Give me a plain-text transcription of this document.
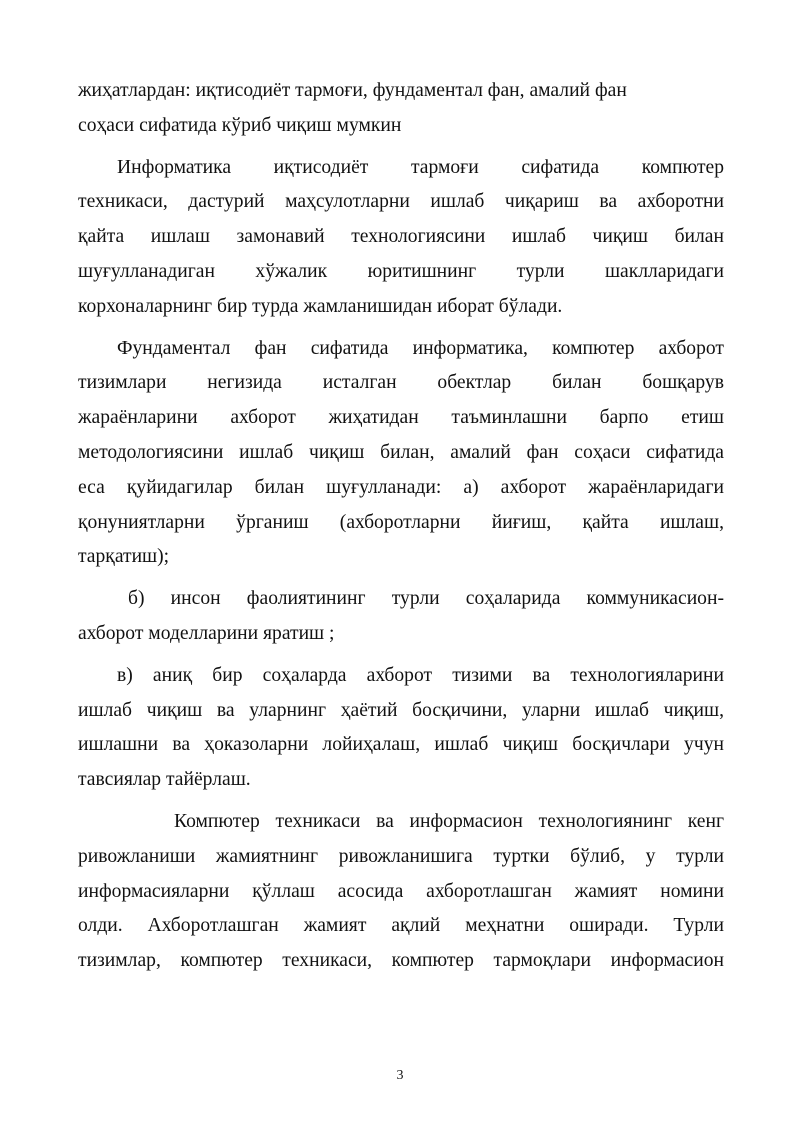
жиҳатлардан: иқтисодиёт тармоғи, фундаментал фан, амалий фан
соҳаси сифатида кўриб чиқиш мумкин
Информатика иқтисодиёт тармоғи сифатида компютер
техникаси, дастурий маҳсулотларни ишлаб чиқариш ва ахборотни
қайта ишлаш замонавий технологиясини ишлаб чиқиш билан
шуғулланадиган хўжалик юритишнинг турли шаклларидаги
корхоналарнинг бир турда жамланишидан иборат бўлади.
Фундаментал фан сифатида информатика, компютер ахборот
тизимлари негизида исталган обектлар билан бошқарув
жараёнларини ахборот жиҳатидан таъминлашни барпо етиш
методологиясини ишлаб чиқиш билан, амалий фан соҳаси сифатида
еса қуйидагилар билан шуғулланади: а) ахборот жараёнларидаги
қонуниятларни ўрганиш (ахборотларни йиғиш, қайта ишлаш,
тарқатиш);
б) инсон фаолиятининг турли соҳаларида коммуникасион-
ахборот моделларини яратиш ;
в) аниқ бир соҳаларда ахборот тизими ва технологияларини
ишлаб чиқиш ва уларнинг ҳаётий босқичини, уларни ишлаб чиқиш,
ишлашни ва ҳоказоларни лойиҳалаш, ишлаб чиқиш босқичлари учун
тавсиялар тайёрлаш.
Компютер техникаси ва информасион технологиянинг кенг
ривожланиши жамиятнинг ривожланишига туртки бўлиб, у турли
информасияларни қўллаш асосида ахборотлашган жамият номини
олди. Ахборотлашган жамият ақлий меҳнатни оширади. Турли
тизимлар, компютер техникаси, компютер тармоқлари информасион
3
